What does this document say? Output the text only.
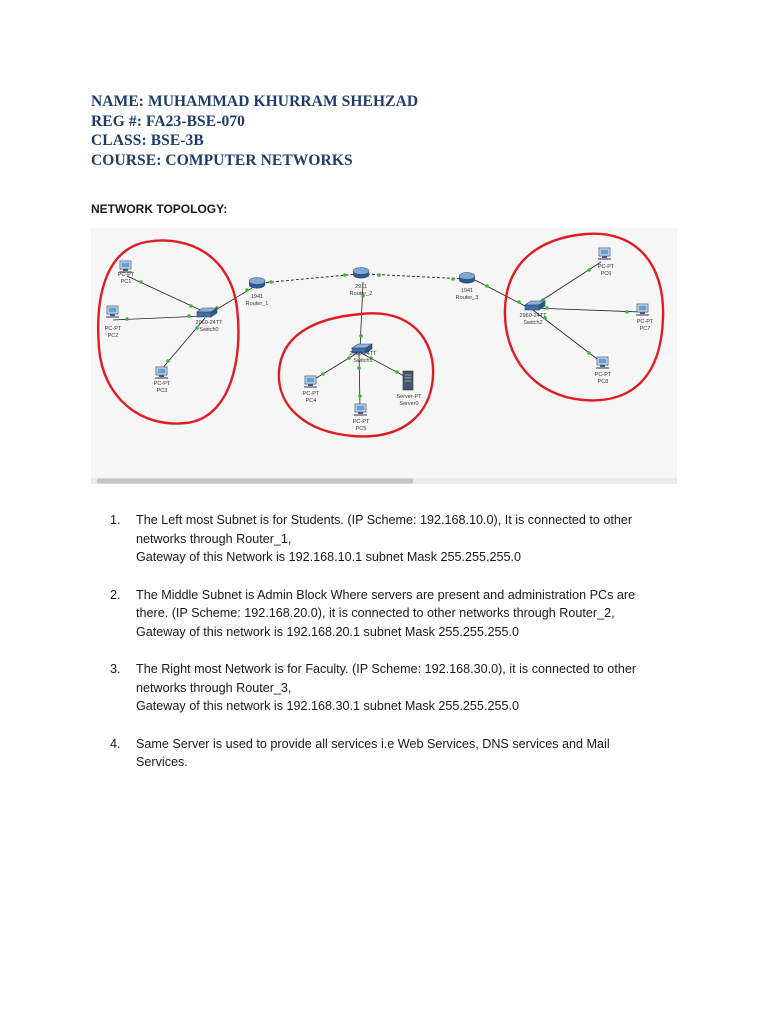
NAME: MUHAMMAD KHURRAM SHEHZAD
REG #: FA23-BSE-070
CLASS: BSE-3B
COURSE: COMPUTER NETWORKS
NETWORK TOPOLOGY:
PC-PT
PC1
PC-PT
PC2
PC-PT
PC3
2960-24TT
Switch0
1941
Router_1
2911
Router_2	1941
Router_3
2960-24TT
Switch1
PC-PT
PC4
PC-PT
PC5
Server-PT
Server0
2960-24TT
Switch2
PC-PT
PC6
PC-PT
PC7
PC-PT
PC8
1. The Left most Subnet is for Students. (IP Scheme: 192.168.10.0), It is connected to other
networks through Router_1,
Gateway of this Network is 192.168.10.1 subnet Mask 255.255.255.0
2. The Middle Subnet is Admin Block Where servers are present and administration PCs are
there. (IP Scheme: 192.168.20.0), it is connected to other networks through Router_2,
Gateway of this network is 192.168.20.1 subnet Mask 255.255.255.0
3. The Right most Network is for Faculty. (IP Scheme: 192.168.30.0), it is connected to other
networks through Router_3,
Gateway of this network is 192.168.30.1 subnet Mask 255.255.255.0
4. Same Server is used to provide all services i.e Web Services, DNS services and Mail
Services.
